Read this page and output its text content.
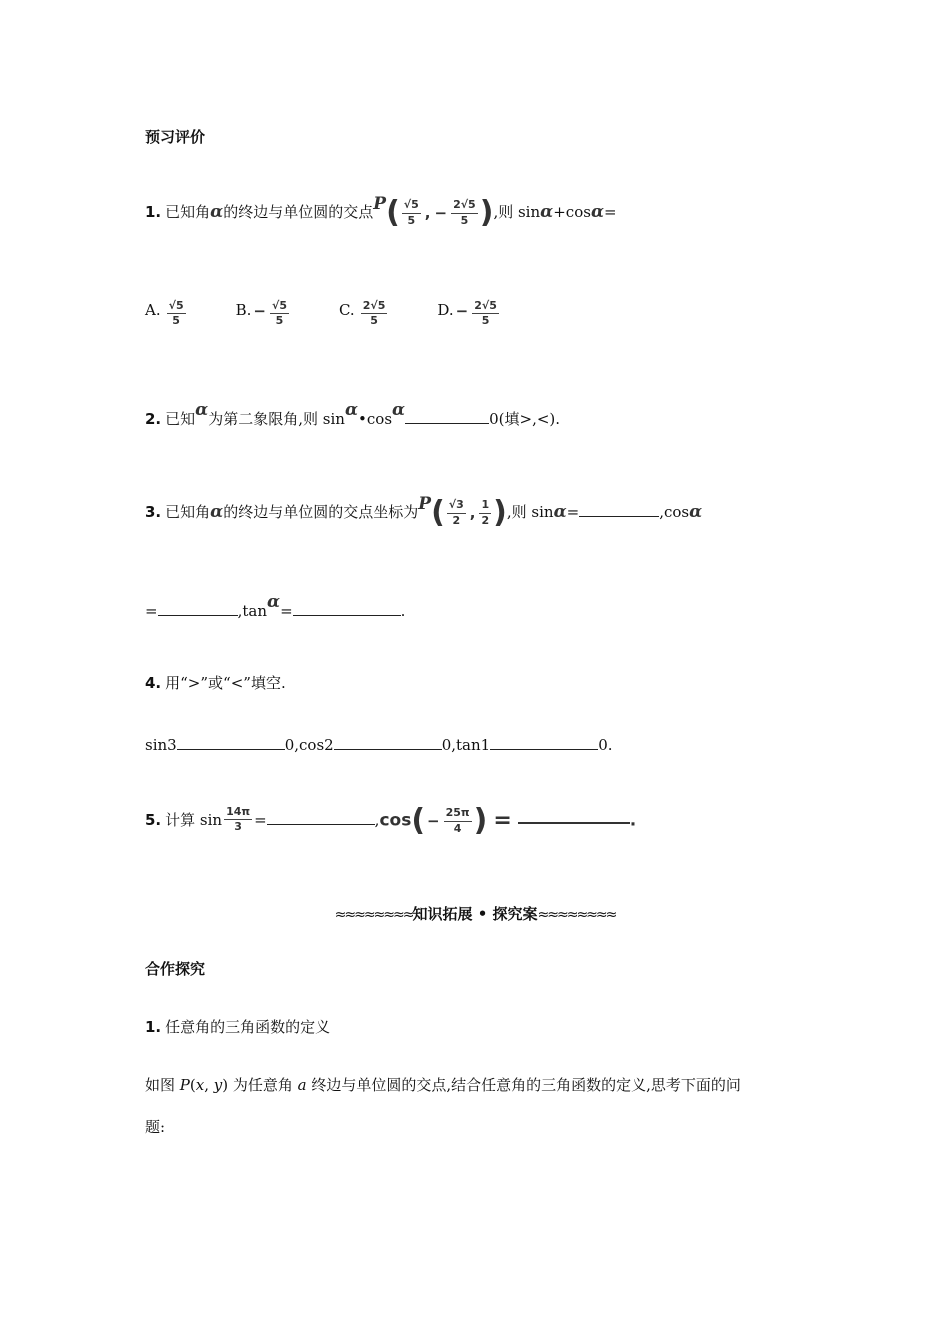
预习评价
1. 已知角α的终边与单位圆的交点$P( \frac{√5}{5}$ , − $\frac{2√5}{5}$ ),则 sinα+cosα=
A. $\frac{√5}{5}$	B. − $\frac{√5}{5}$	C. $\frac{2√5}{5}$	D. − $\frac{2√5}{5}$
2. 已知α为第二象限角,则 sinα•cosα	0(填>,<).
3. 已知角α的终边与单位圆的交点坐标为$P( \frac{√3}{2}$ , $\frac{1}{2}$ ),则 sinα=	,cosα
=	,tanα=	.
4. 用“>”或“<”填空.
sin3	0,cos2	0,tan1	0.
5. 计算 $\sin \frac{14\pi}{3}$ =	$,\cos( - \frac{25\pi}{4}$ ) =	.
≈≈≈≈≈≈≈≈知识拓展 • 探究案≈≈≈≈≈≈≈≈
合作探究
1. 任意角的三角函数的定义
如图 P(x, y) 为任意角 a 终边与单位圆的交点,结合任意角的三角函数的定义,思考下面的问
题:
